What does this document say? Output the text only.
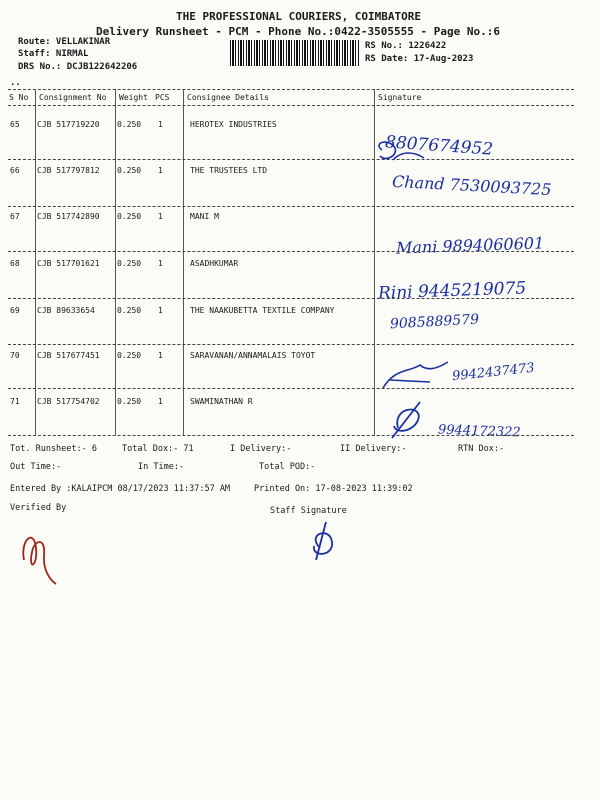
THE PROFESSIONAL COURIERS, COIMBATORE
Delivery Runsheet - PCM - Phone No.:0422-3505555 - Page No.:6
Route: VELLAKINAR
Staff: NIRMAL
DRS No.: DCJB122642206
RS No.: 1226422
RS Date: 17-Aug-2023
..
S No Consignment No Weight PCS Consignee Details	Signature
65 CJB 517719220 0.250 1	HEROTEX INDUSTRIES
8807674952
66 CJB 517797812 0.250 1	THE TRUSTEES LTD
Chand 7530093725
67 CJB 517742890 0.250 1	MANI M
Mani 9894060601
68 CJB 517701621 0.250 1	ASADHKUMAR
Rini 9445219075
69 CJB 89633654	0.250 1	THE NAAKUBETTA TEXTILE COMPANY
9085889579
70 CJB 517677451 0.250 1	SARAVANAN/ANNAMALAIS TOYOT
9942437473
71 CJB 517754702 0.250 1	SWAMINATHAN R
9944172322
Tot. Runsheet:- 6	Total Dox:- 71	I Delivery:-	II Delivery:-	RTN Dox:-
Out Time:-	In Time:-	Total POD:-
Entered By :KALAIPCM 08/17/2023 11:37:57 AM	Printed On: 17-08-2023 11:39:02
Verified By	Staff Signature
